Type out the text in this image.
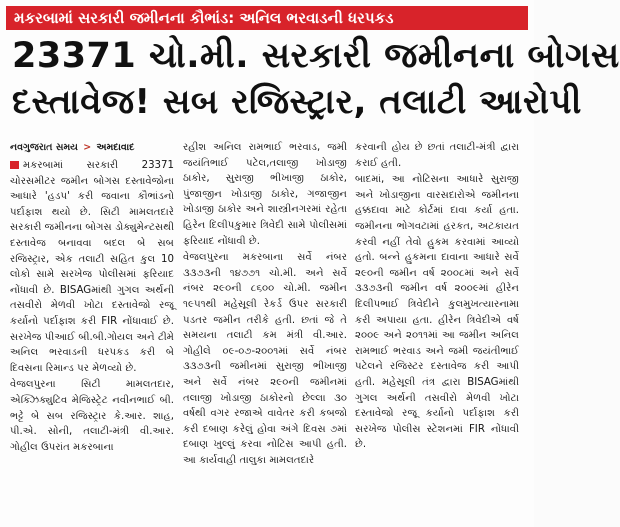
મકરબામાં સરકારી જમીનના કૌભાંડ: અનિલ ભરવાડની ધરપકડ
23371 ચો.મી. સરકારી જમીનના બોગસ
દસ્તાવેજ! સબ રજિસ્ટ્રાર, તલાટી આરોપી
નવગુજરાત સમય > અમદાવાદ

મકરબામાં સરકારી 23371 ચોરસમીટર જમીન બોગસ દસ્તાવેજોના આધારે 'હડપ' કરી જવાના કૌભાંડનો પર્દાફાશ થયો છે. સિટી મામલતદારે સરકારી જમીનના બોગસ ડોક્યુમેન્ટસથી દસ્તાવેજ બનાવવા બદલ બે સબ રજિસ્ટ્રાર, એક તલાટી સહિત કુલ 10 લોકો સામે સરખેજ પોલીસમાં ફરિયાદ નોંધાવી છે. BISAGમાંથી ગુગલ અર્થની તસવીરો મેળવી ખોટા દસ્તાવેજો રજૂ કર્યાનો પર્દાફાશ કરી FIR નોંધાવાઈ છે. સરખેજ પીઆઈ બી.બી.ગોયલ અને ટીમે અનિલ ભરવાડની ધરપકડ કરી બે દિવસના રિમાન્ડ પર મેળવ્યો છે.

વેજલપુરના સિટી મામલતદાર, એક્ઝિક્યુટિવ મેજિસ્ટ્રેટ નવીનભાઈ બી. ભટ્ટે બે સબ રજિસ્ટ્રાર કે.આર. શાહ, પી.એ. સોની, તલાટી-મંત્રી વી.આર. ગોહીલ ઉપરાંત મકરબાના

રહીશ અનિલ રામભાઈ ભરવાડ, જમી જયંતિભાઈ પટેલ,તલાજી ખોડાજી ઠાકોર, સુરાજી ભીખાજી ઠાકોર, પુંજાજીન ખોડાજી ઠાકોર, ગજાજીન ખોડાજી ઠાકોર અને શાસ્ત્રીનગરમાં રહેતા હિરેન દિલીપકુમાર ત્રિવેદી સામે પોલીસમાં ફરિયાદ નોંધાવી છે.

વેજલપુરના મકરબાના સર્વે નંબર ૩૩૭૩ની ૧૪૭૭૧ ચો.મી. અને સર્વે નંબર ૨૯૦ની ૮૬૦૦ ચો.મી. જમીન ૧૯૫૧થી મહેસૂલી રેકર્ડ ઉપર સરકારી પડતર જમીન તરીકે હતી. છતાં જે તે સમયના તલાટી કમ મંત્રી વી.આર. ગોહીલે ૦૯-૦૭-૨૦૦૧માં સર્વે નંબર ૩૩૭૩ની જમીનમાં સુરાજી ભીખાજી અને સર્વે નંબર ૨૯૦ની જમીનમાં તલાજી ખોડાજી ઠાકોરનો છેલ્લા ૩૦ વર્ષથી વગર રજાએ વાવેતર કરી કબજો કરી દબાણ કરેલું હોવા અંગે દિવસ ૭માં દબાણ ખુલ્લું કરવા નોટિસ આપી હતી. આ કાર્યવાહી તાલુકા મામલતદારે

કરવાની હોય છે છતાં તલાટી-મંત્રી દ્વારા કરાઈ હતી.

બાદમાં, આ નોટિસના આધારે સુરાજી અને ખોડાજીના વારસદારોએ જમીનના હક્કદાવા માટે કોર્ટમાં દાવા કર્યા હતા. જમીનના ભોગવટામાં હરકત, અટકાયત કરવી નહીં તેવો હુકમ કરવામાં આવ્યો હતો. બન્ને હુકમના દાવાના આધારે સર્વે ૨૯૦ની જમીન વર્ષ ૨૦૦૮માં અને સર્વે ૩૩૭૩ની જમીન વર્ષ ૨૦૦૯માં હીરેન દિલીપભાઈ ત્રિવેદીને કુલમુખત્યારનામા કરી અપાયા હતા. હીરેન ત્રિવેદીએ વર્ષ ૨૦૦૯ અને ૨૦૧૧માં આ જમીન અનિલ રામભાઈ ભરવાડ અને જમી જયંતીભાઈ પટેલને રજિસ્ટર દસ્તાવેજ કરી આપી હતી. મહેસૂલી તંત્ર દ્વારા BISAGમાંથી ગુગલ અર્થની તસવીરો મેળવી ખોટા દસ્તાવેજો રજૂ કર્યાનો પર્દાફાશ કરી સરખેજ પોલીસ સ્ટેશનમાં FIR નોંધાવી છે.
